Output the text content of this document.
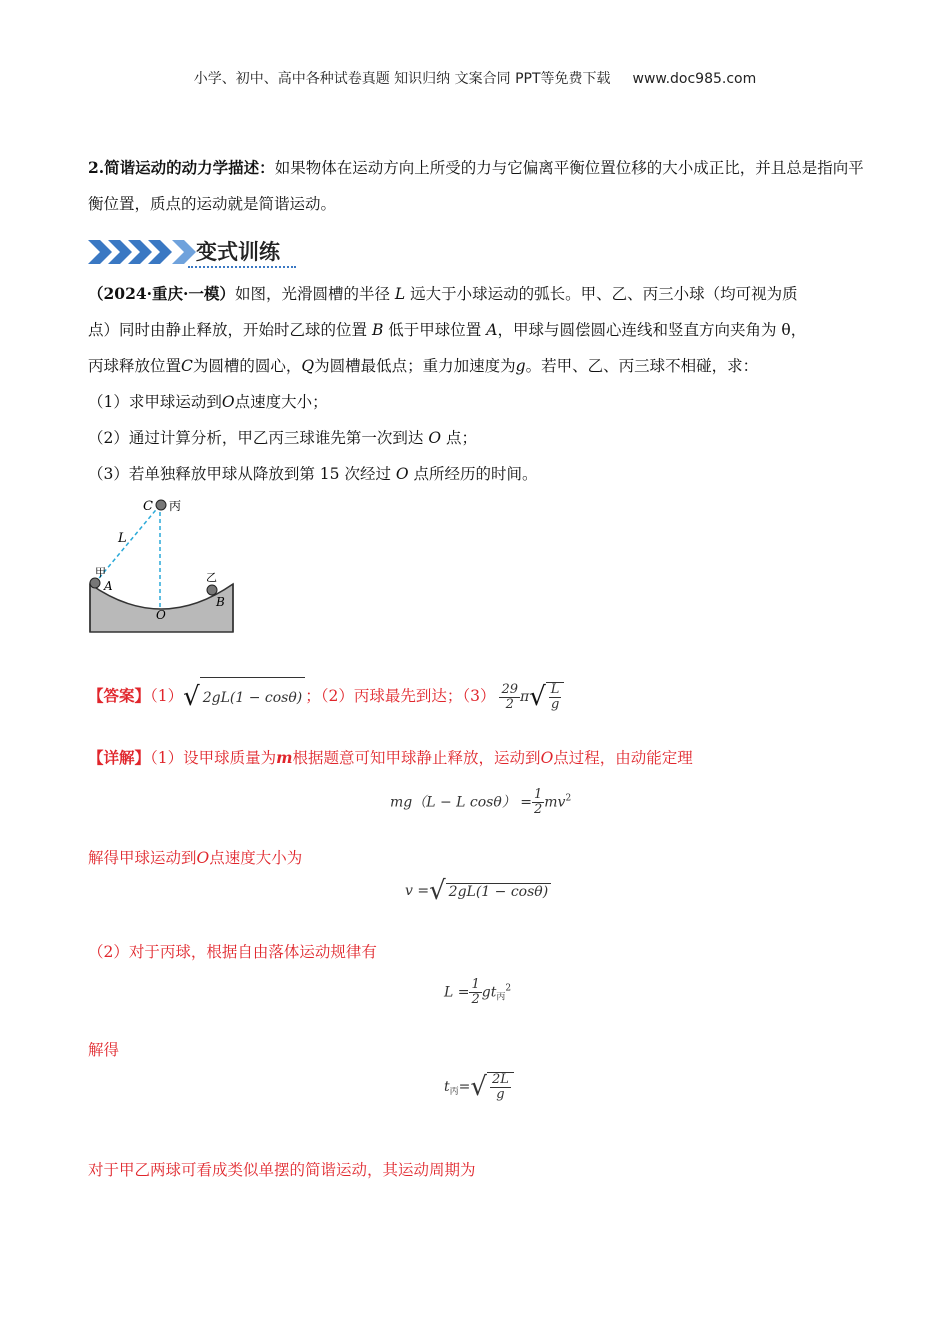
小学、初中、高中各种试卷真题 知识归纳 文案合同 PPT等免费下载 www.doc985.com
2.简谐运动的动力学描述：如果物体在运动方向上所受的力与它偏离平衡位置位移的大小成正比，并且总是指向平衡位置，质点的运动就是简谐运动。
变式训练
（2024·重庆·一模）如图，光滑圆槽的半径 L 远大于小球运动的弧长。甲、乙、丙三小球（均可视为质
点）同时由静止释放，开始时乙球的位置 B 低于甲球位置 A，甲球与圆偿圆心连线和竖直方向夹角为 θ，
丙球释放位置C为圆槽的圆心，Q为圆槽最低点；重力加速度为g。若甲、乙、丙三球不相碰，求：
（1）求甲球运动到O点速度大小；
（2）通过计算分析，甲乙丙三球谁先第一次到达 O 点；
（3）若单独释放甲球从降放到第 15 次经过 O 点所经历的时间。
C 丙
L
甲
A
乙
B
O
【答案】（1）√ 2gL(1 − cosθ) ；（2）丙球最先到达；$(3) \frac{29}{2} \pi√ \frac{L}{g}$
【详解】（1）设甲球质量为m根据题意可知甲球静止释放，运动到O点过程，由动能定理
mg（L − L $\cos\theta) = \frac{1}{2} mv^2$
解得甲球运动到O点速度大小为
v =√ 2gL(1 − cosθ)
（2）对于丙球，根据自由落体运动规律有
$L = \frac{1}{2} gt_丙^2$
解得
$t_丙=√ \frac{2L}{g}$
对于甲乙两球可看成类似单摆的简谐运动，其运动周期为
